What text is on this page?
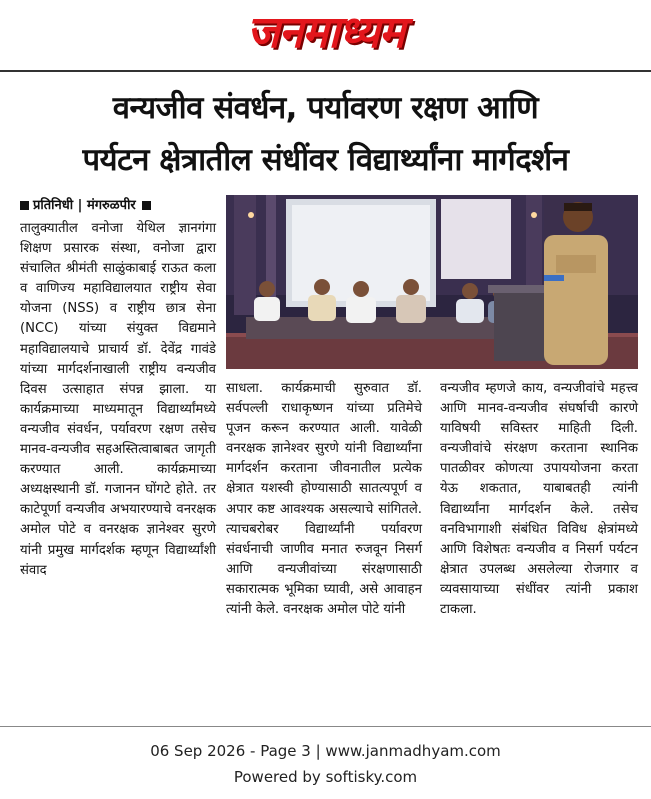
जनमाध्यम
वन्यजीव संवर्धन, पर्यावरण रक्षण आणि
पर्यटन क्षेत्रातील संधींवर विद्यार्थ्यांना मार्गदर्शन
प्रतिनिधी | मंगरुळपीर
तालुक्यातील वनोजा येथिल ज्ञानगंगा शिक्षण प्रसारक संस्था, वनोजा द्वारा संचालित श्रीमंती साळुंकाबाई राऊत कला व वाणिज्य महाविद्यालयात राष्ट्रीय सेवा योजना (NSS) व राष्ट्रीय छात्र सेना (NCC) यांच्या संयुक्त विद्यमाने महाविद्यालयाचे प्राचार्य डॉ. देवेंद्र गावंडे यांच्या मार्गदर्शनाखाली राष्ट्रीय वन्यजीव दिवस उत्साहात संपन्न झाला. या कार्यक्रमाच्या माध्यमातून विद्यार्थ्यांमध्ये वन्यजीव संवर्धन, पर्यावरण रक्षण तसेच मानव-वन्यजीव सहअस्तित्वाबाबत जागृती करण्यात आली. कार्यक्रमाच्या अध्यक्षस्थानी डॉ. गजानन घोंगटे होते. तर काटेपूर्णा वन्यजीव अभयारण्याचे वनरक्षक अमोल पोटे व वनरक्षक ज्ञानेश्वर सुरणे यांनी प्रमुख मार्गदर्शक म्हणून विद्यार्थ्यांशी संवाद
साधला. कार्यक्रमाची सुरुवात डॉ. सर्वपल्ली राधाकृष्णन यांच्या प्रतिमेचे पूजन करून करण्यात आली. यावेळी वनरक्षक ज्ञानेश्वर सुरणे यांनी विद्यार्थ्यांना मार्गदर्शन करताना जीवनातील प्रत्येक क्षेत्रात यशस्वी होण्यासाठी सातत्यपूर्ण व अपार कष्ट आवश्यक असल्याचे सांगितले. त्याचबरोबर विद्यार्थ्यांनी पर्यावरण संवर्धनाची जाणीव मनात रुजवून निसर्ग आणि वन्यजीवांच्या संरक्षणासाठी सकारात्मक भूमिका घ्यावी, असे आवाहन त्यांनी केले. वनरक्षक अमोल पोटे यांनी
वन्यजीव म्हणजे काय, वन्यजीवांचे महत्त्व आणि मानव-वन्यजीव संघर्षाची कारणे याविषयी सविस्तर माहिती दिली. वन्यजीवांचे संरक्षण करताना स्थानिक पातळीवर कोणत्या उपाययोजना करता येऊ शकतात, याबाबतही त्यांनी विद्यार्थ्यांना मार्गदर्शन केले. तसेच वनविभागाशी संबंधित विविध क्षेत्रांमध्ये आणि विशेषतः वन्यजीव व निसर्ग पर्यटन क्षेत्रात उपलब्ध असलेल्या रोजगार व व्यवसायाच्या संधींवर त्यांनी प्रकाश टाकला.
06 Sep 2026 - Page 3 | www.janmadhyam.com
Powered by softisky.com
